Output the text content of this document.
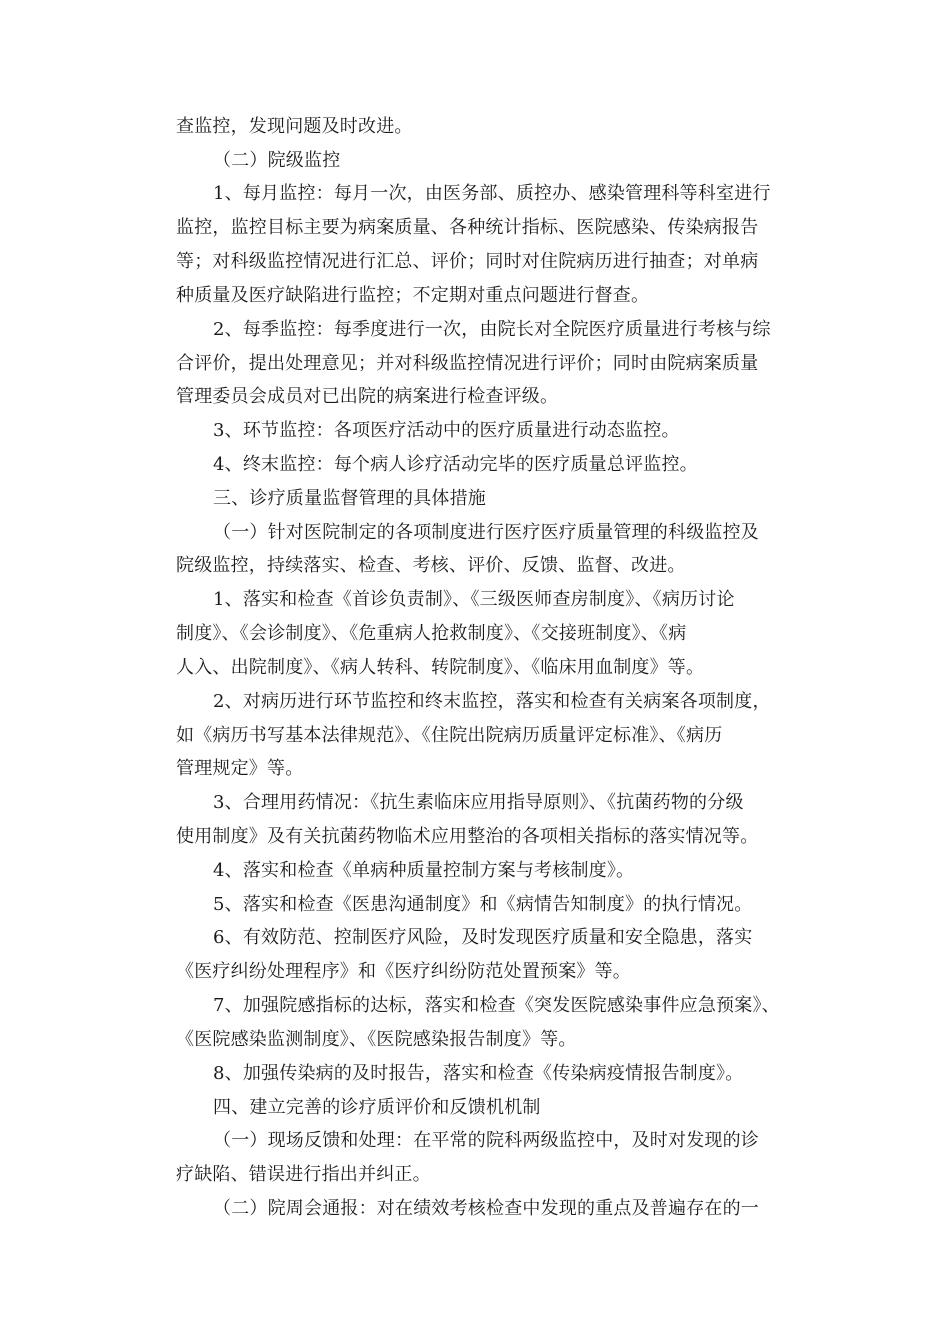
查监控，发现问题及时改进。
（二）院级监控
1、每月监控：每月一次，由医务部、质控办、感染管理科等科室进行
监控，监控目标主要为病案质量、各种统计指标、医院感染、传染病报告
等；对科级监控情况进行汇总、评价；同时对住院病历进行抽查；对单病
种质量及医疗缺陷进行监控；不定期对重点问题进行督查。
2、每季监控：每季度进行一次，由院长对全院医疗质量进行考核与综
合评价，提出处理意见；并对科级监控情况进行评价；同时由院病案质量
管理委员会成员对已出院的病案进行检查评级。
3、环节监控：各项医疗活动中的医疗质量进行动态监控。
4、终末监控：每个病人诊疗活动完毕的医疗质量总评监控。
三、诊疗质量监督管理的具体措施
（一）针对医院制定的各项制度进行医疗医疗质量管理的科级监控及
院级监控，持续落实、检查、考核、评价、反馈、监督、改进。
1、落实和检查《首诊负责制》、《三级医师查房制度》、《病历讨论
制度》、《会诊制度》、《危重病人抢救制度》、《交接班制度》、《病
人入、出院制度》、《病人转科、转院制度》、《临床用血制度》等。
2、对病历进行环节监控和终末监控，落实和检查有关病案各项制度，
如《病历书写基本法律规范》、《住院出院病历质量评定标准》、《病历
管理规定》等。
3、合理用药情况：《抗生素临床应用指导原则》、《抗菌药物的分级
使用制度》及有关抗菌药物临术应用整治的各项相关指标的落实情况等。
4、落实和检查《单病种质量控制方案与考核制度》。
5、落实和检查《医患沟通制度》和《病情告知制度》的执行情况。
6、有效防范、控制医疗风险，及时发现医疗质量和安全隐患，落实
《医疗纠纷处理程序》和《医疗纠纷防范处置预案》等。
7、加强院感指标的达标，落实和检查《突发医院感染事件应急预案》、
《医院感染监测制度》、《医院感染报告制度》等。
8、加强传染病的及时报告，落实和检查《传染病疫情报告制度》。
四、建立完善的诊疗质评价和反馈机机制
（一）现场反馈和处理：在平常的院科两级监控中，及时对发现的诊
疗缺陷、错误进行指出并纠正。
（二）院周会通报：对在绩效考核检查中发现的重点及普遍存在的一
